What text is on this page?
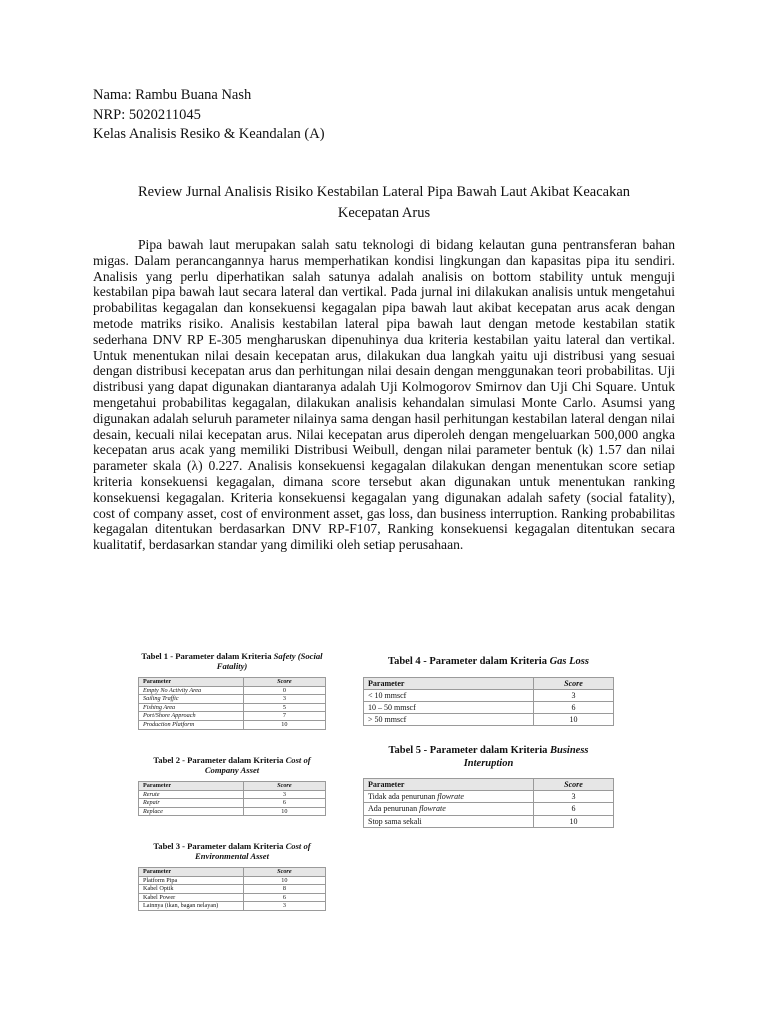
Nama: Rambu Buana Nash
NRP: 5020211045
Kelas Analisis Resiko & Keandalan (A)
Review Jurnal Analisis Risiko Kestabilan Lateral Pipa Bawah Laut Akibat Keacakan
Kecepatan Arus

Pipa bawah laut merupakan salah satu teknologi di bidang kelautan guna pentransferan bahan migas. Dalam perancangannya harus memperhatikan kondisi lingkungan dan kapasitas pipa itu sendiri. Analisis yang perlu diperhatikan salah satunya adalah analisis on bottom stability untuk menguji kestabilan pipa bawah laut secara lateral dan vertikal. Pada jurnal ini dilakukan analisis untuk mengetahui probabilitas kegagalan dan konsekuensi kegagalan pipa bawah laut akibat kecepatan arus acak dengan metode matriks risiko. Analisis kestabilan lateral pipa bawah laut dengan metode kestabilan statik sederhana DNV RP E-305 mengharuskan dipenuhinya dua kriteria kestabilan yaitu lateral dan vertikal. Untuk menentukan nilai desain kecepatan arus, dilakukan dua langkah yaitu uji distribusi yang sesuai dengan distribusi kecepatan arus dan perhitungan nilai desain dengan menggunakan teori probabilitas. Uji distribusi yang dapat digunakan diantaranya adalah Uji Kolmogorov Smirnov dan Uji Chi Square. Untuk mengetahui probabilitas kegagalan, dilakukan analisis kehandalan simulasi Monte Carlo. Asumsi yang digunakan adalah seluruh parameter nilainya sama dengan hasil perhitungan kestabilan lateral dengan nilai desain, kecuali nilai kecepatan arus. Nilai kecepatan arus diperoleh dengan mengeluarkan 500,000 angka kecepatan arus acak yang memiliki Distribusi Weibull, dengan nilai parameter bentuk (k) 1.57 dan nilai parameter skala (λ) 0.227. Analisis konsekuensi kegagalan dilakukan dengan menentukan score setiap kriteria konsekuensi kegagalan, dimana score tersebut akan digunakan untuk menentukan ranking konsekuensi kegagalan. Kriteria konsekuensi kegagalan yang digunakan adalah safety (social fatality), cost of company asset, cost of environment asset, gas loss, dan business interruption. Ranking probabilitas kegagalan ditentukan berdasarkan DNV RP-F107, Ranking konsekuensi kegagalan ditentukan secara kualitatif, berdasarkan standar yang dimiliki oleh setiap perusahaan.

Tabel 1 - Parameter dalam Kriteria Safety (Social Fatality)
Parameter	Score
Empty No Activity Area	0
Sailing Traffic	3
Fishing Area	5
Port/Shore Approach	7
Production Platform	10
Tabel 2 - Parameter dalam Kriteria Cost of Company Asset
Parameter	Score
Rerute	3
Repair	6
Replace	10
Tabel 3 - Parameter dalam Kriteria Cost of Environmental Asset
Parameter	Score
Platform Pipa	10
Kabel Optik	8
Kabel Power	6
Lainnya (ikan, bagan nelayan)	3
Tabel 4 - Parameter dalam Kriteria Gas Loss
Parameter	Score
< 10 mmscf	3
10 – 50 mmscf	6
> 50 mmscf	10
Tabel 5 - Parameter dalam Kriteria Business Interuption
Parameter	Score
Tidak ada penurunan flowrate	3
Ada penurunan flowrate	6
Stop sama sekali	10
